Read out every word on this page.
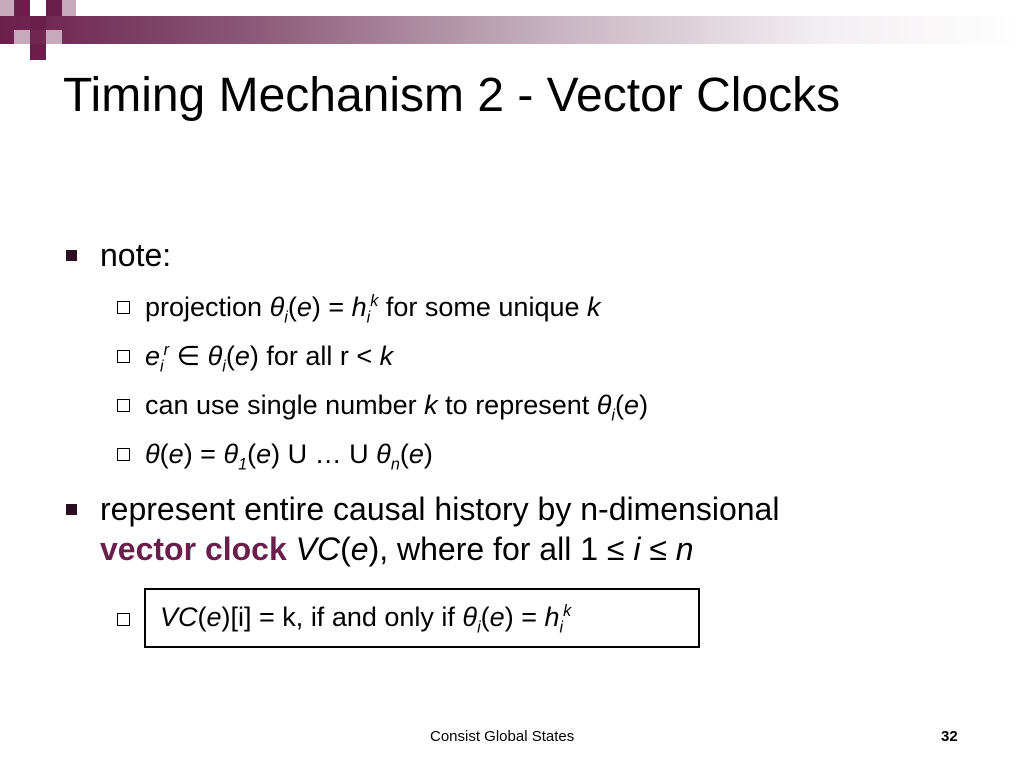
Timing Mechanism 2 - Vector Clocks
note:
projection $\theta_i(e) = h_i^k$ for some unique k
$e_i^r$ ∈ $\theta_i(e)$ for all r < k
can use single number k to represent $\theta_i(e)$
$\theta(e) = \theta_1(e)$ U … U $\theta_n(e)$
represent entire causal history by n-dimensional
vector clock VC(e), where for all 1 ≤ i ≤ n
VC(e)[i] = k, if and only if $\theta_i(e) = h_i^k$
Consist Global States	32
